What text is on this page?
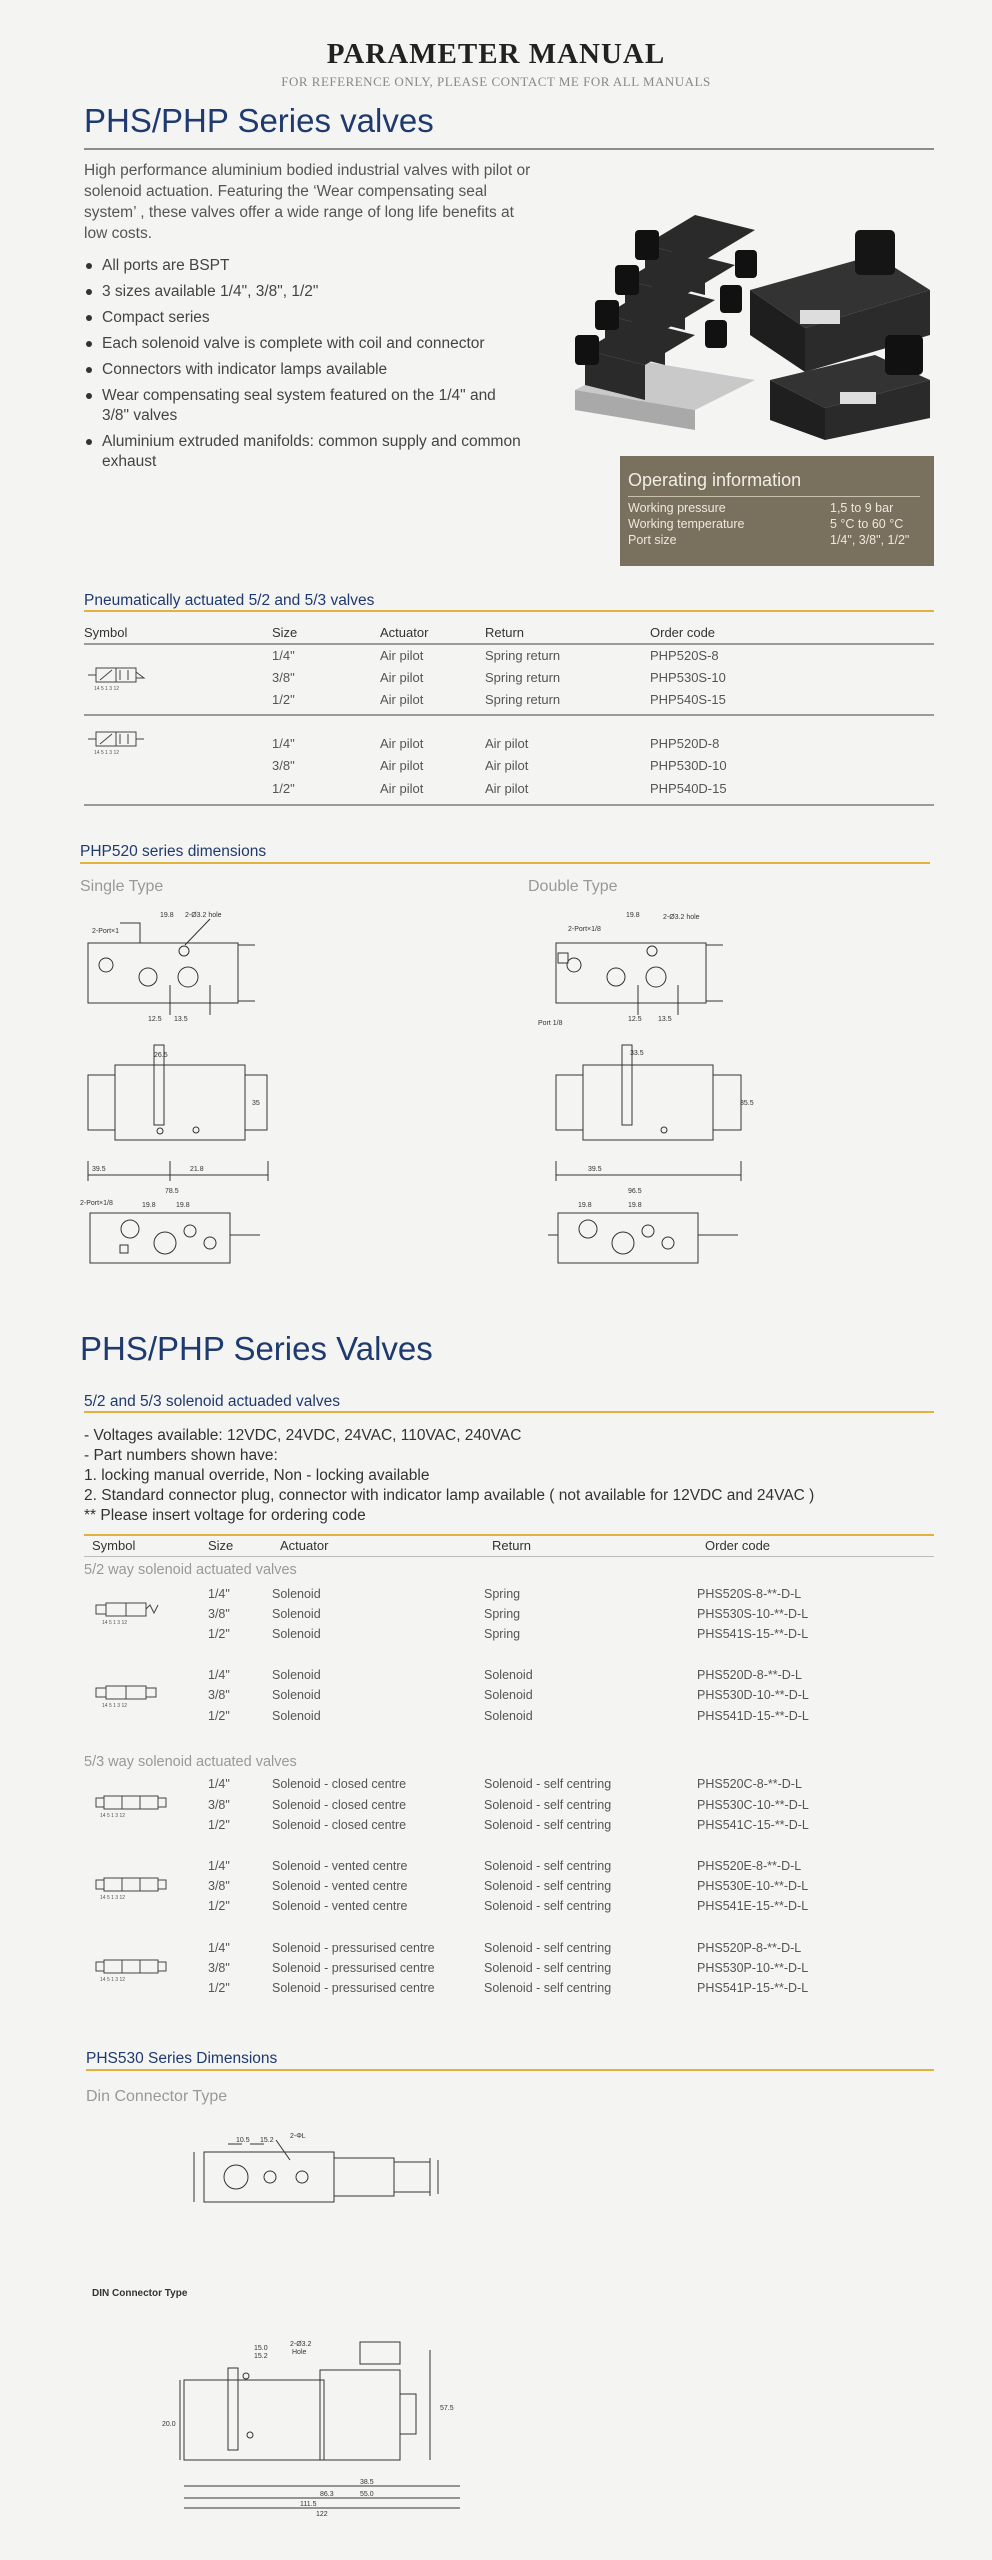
PARAMETER MANUAL
FOR REFERENCE ONLY, PLEASE CONTACT ME FOR ALL MANUALS
PHS/PHP Series valves
High performance aluminium bodied industrial valves with pilot or solenoid actuation. Featuring the ‘Wear compensating seal system’ , these valves offer a wide range of long life benefits at low costs.
All ports are BSPT
3 sizes available 1/4", 3/8", 1/2"
Compact series
Each solenoid valve is complete with coil and connector
Connectors with indicator lamps available
Wear compensating seal system featured on the 1/4" and 3/8" valves
Aluminium extruded manifolds: common supply and common exhaust
Operating information
Working pressure	1,5 to 9 bar
Working temperature	5 °C to 60 °C
Port size	1/4", 3/8", 1/2"
Pneumatically actuated 5/2 and 5/3 valves
Symbol	Size	Actuator	Return	Order code
1/4"	Air pilot	Spring return	PHP520S-8
3/8"	Air pilot	Spring return	PHP530S-10
1/2"	Air pilot	Spring return	PHP540S-15
1/4"	Air pilot	Air pilot	PHP520D-8
3/8"	Air pilot	Air pilot	PHP530D-10
1/2"	Air pilot	Air pilot	PHP540D-15
14 5 1 3 12
14 5 1 3 12
PHP520 series dimensions
Single Type	Double Type
19.8 2-Ø3.2 hole
2-Port×1
12.5 13.5
26.5
35
39.5	21.8
78.5
2-Port×1/8	19.8	19.8
2-Port×1/8
19.8	2-Ø3.2 hole
Port 1/8
12.5 13.5
33.5
35.5
39.5
96.5
19.8	19.8
PHS/PHP Series Valves
5/2 and 5/3 solenoid actuaded valves
- Voltages available: 12VDC, 24VDC, 24VAC, 110VAC, 240VAC
- Part numbers shown have:
1. locking manual override, Non - locking available
2. Standard connector plug, connector with indicator lamp available ( not available for 12VDC and 24VAC )
** Please insert voltage for ordering code
Symbol	Size	Actuator	Return	Order code
5/2 way solenoid actuated valves
1/4"	Solenoid	Spring	PHS520S-8-**-D-L
3/8"	Solenoid	Spring	PHS530S-10-**-D-L
1/2"	Solenoid	Spring	PHS541S-15-**-D-L
1/4"	Solenoid	Solenoid	PHS520D-8-**-D-L
3/8"	Solenoid	Solenoid	PHS530D-10-**-D-L
1/2"	Solenoid	Solenoid	PHS541D-15-**-D-L
5/3 way solenoid actuated valves
1/4"	Solenoid - closed centre	Solenoid - self centring	PHS520C-8-**-D-L
3/8"	Solenoid - closed centre	Solenoid - self centring	PHS530C-10-**-D-L
1/2"	Solenoid - closed centre	Solenoid - self centring	PHS541C-15-**-D-L
1/4"	Solenoid - vented centre	Solenoid - self centring	PHS520E-8-**-D-L
3/8"	Solenoid - vented centre	Solenoid - self centring	PHS530E-10-**-D-L
1/2"	Solenoid - vented centre	Solenoid - self centring	PHS541E-15-**-D-L
1/4"	Solenoid - pressurised centre	Solenoid - self centring	PHS520P-8-**-D-L
3/8"	Solenoid - pressurised centre	Solenoid - self centring	PHS530P-10-**-D-L
1/2"	Solenoid - pressurised centre	Solenoid - self centring	PHS541P-15-**-D-L
14 5 1 3 12
14 5 1 3 12
14 5 1 3 12
14 5 1 3 12
14 5 1 3 12
PHS530 Series Dimensions
Din Connector Type
10.5 15.2
2-ΦL
DIN Connector Type
15.0
15.2
2-Ø3.2
Hole
57.5
20.0
38.5
55.0
86.3
111.5
122
